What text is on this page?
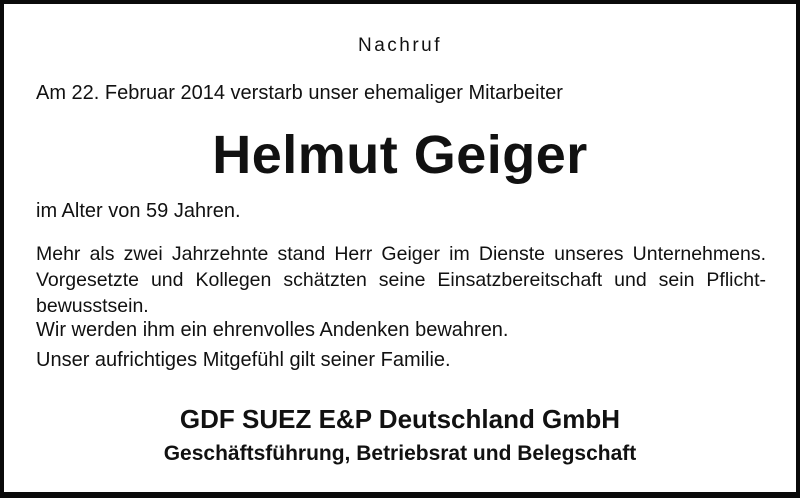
Nachruf
Am 22. Februar 2014 verstarb unser ehemaliger Mitarbeiter
Helmut Geiger
im Alter von 59 Jahren.
Mehr als zwei Jahrzehnte stand Herr Geiger im Dienste unseres Unternehmens.
Vorgesetzte und Kollegen schätzten seine Einsatzbereitschaft und sein Pflicht-
bewusstsein.
Wir werden ihm ein ehrenvolles Andenken bewahren.
Unser aufrichtiges Mitgefühl gilt seiner Familie.
GDF SUEZ E&P Deutschland GmbH
Geschäftsführung, Betriebsrat und Belegschaft
